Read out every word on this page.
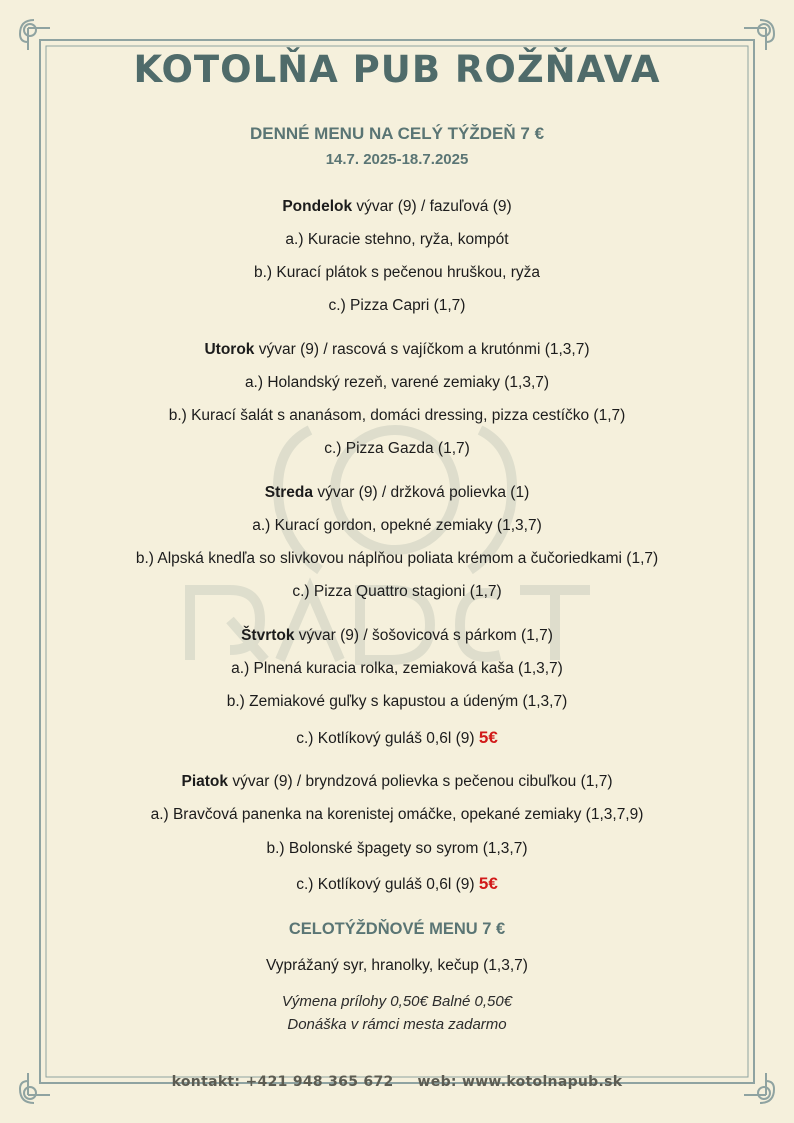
KOTOLŇA PUB ROŽŇAVA
DENNÉ MENU NA CELÝ TÝŽDEŇ 7 €
14.7. 2025-18.7.2025
Pondelok vývar (9) / fazuľová (9)
a.) Kuracie stehno, ryža, kompót
b.) Kurací plátok s pečenou hruškou, ryža
c.) Pizza Capri (1,7)
Utorok vývar (9) / rascová s vajíčkom a krutónmi (1,3,7)
a.) Holandský rezeň, varené zemiaky (1,3,7)
b.) Kurací šalát s ananásom, domáci dressing, pizza cestíčko (1,7)
c.) Pizza Gazda (1,7)
Streda vývar (9) / držková polievka (1)
a.) Kurací gordon, opekné zemiaky (1,3,7)
b.) Alpská knedľa so slivkovou náplňou poliata krémom a čučoriedkami (1,7)
c.) Pizza Quattro stagioni (1,7)
Štvrtok vývar (9) / šošovicová s párkom (1,7)
a.) Plnená kuracia rolka, zemiaková kaša (1,3,7)
b.) Zemiakové guľky s kapustou a údeným (1,3,7)
c.) Kotlíkový guláš 0,6l (9) 5€
Piatok vývar (9) / bryndzová polievka s pečenou cibuľkou (1,7)
a.) Bravčová panenka na korenistej omáčke, opekané zemiaky (1,3,7,9)
b.) Bolonské špagety so syrom (1,3,7)
c.) Kotlíkový guláš 0,6l (9) 5€
CELOTÝŽDŇOVÉ MENU 7 €
Vyprážaný syr, hranolky, kečup (1,3,7)
Výmena prílohy 0,50€ Balné 0,50€
Donáška v rámci mesta zadarmo
kontakt: +421 948 365 672 web: www.kotolnapub.sk
